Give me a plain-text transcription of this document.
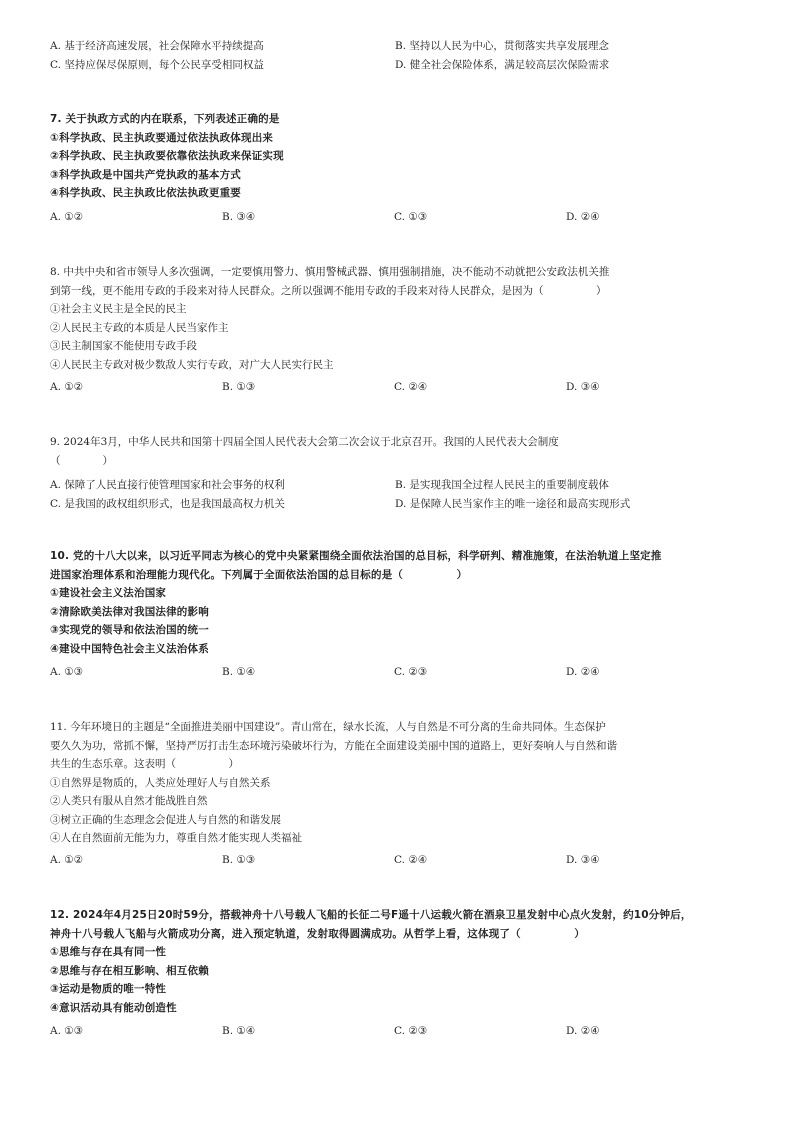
A. 基于经济高速发展，社会保障水平持续提高	B. 坚持以人民为中心，贯彻落实共享发展理念
C. 坚持应保尽保原则，每个公民享受相同权益	D. 健全社会保险体系，满足较高层次保险需求
7. 关于执政方式的内在联系，下列表述正确的是
①科学执政、民主执政要通过依法执政体现出来
②科学执政、民主执政要依靠依法执政来保证实现
③科学执政是中国共产党执政的基本方式
④科学执政、民主执政比依法执政更重要
A. ①②	B. ③④	C. ①③	D. ②④
8. 中共中央和省市领导人多次强调，一定要慎用警力、慎用警械武器、慎用强制措施，决不能动不动就把公安政法机关推
到第一线，更不能用专政的手段来对待人民群众。之所以强调不能用专政的手段来对待人民群众，是因为（　　　　　）
①社会主义民主是全民的民主
②人民民主专政的本质是人民当家作主
③民主制国家不能使用专政手段
④人民民主专政对极少数敌人实行专政，对广大人民实行民主
A. ①②	B. ①③	C. ②④	D. ③④
9. 2024年3月，中华人民共和国第十四届全国人民代表大会第二次会议于北京召开。我国的人民代表大会制度
（　　　　）
A. 保障了人民直接行使管理国家和社会事务的权利	B. 是实现我国全过程人民民主的重要制度载体
C. 是我国的政权组织形式，也是我国最高权力机关	D. 是保障人民当家作主的唯一途径和最高实现形式
10. 党的十八大以来，以习近平同志为核心的党中央紧紧围绕全面依法治国的总目标，科学研判、精准施策，在法治轨道上坚定推
进国家治理体系和治理能力现代化。下列属于全面依法治国的总目标的是（　　　　　）
①建设社会主义法治国家
②清除欧美法律对我国法律的影响
③实现党的领导和依法治国的统一
④建设中国特色社会主义法治体系
A. ①③	B. ①④	C. ②③	D. ②④
11. 今年环境日的主题是“全面推进美丽中国建设”。青山常在，绿水长流，人与自然是不可分离的生命共同体。生态保护
要久久为功，常抓不懈，坚持严厉打击生态环境污染破坏行为，方能在全面建设美丽中国的道路上，更好奏响人与自然和谐
共生的生态乐章。这表明（　　　　　）
①自然界是物质的，人类应处理好人与自然关系
②人类只有服从自然才能战胜自然
③树立正确的生态理念会促进人与自然的和谐发展
④人在自然面前无能为力，尊重自然才能实现人类福祉
A. ①②	B. ①③	C. ②④	D. ③④
12. 2024年4月25日20时59分，搭载神舟十八号载人飞船的长征二号F遥十八运载火箭在酒泉卫星发射中心点火发射，约10分钟后，
神舟十八号载人飞船与火箭成功分离，进入预定轨道，发射取得圆满成功。从哲学上看，这体现了（　　　　　）
①思维与存在具有同一性
②思维与存在相互影响、相互依赖
③运动是物质的唯一特性
④意识活动具有能动创造性
A. ①③	B. ①④	C. ②③	D. ②④
